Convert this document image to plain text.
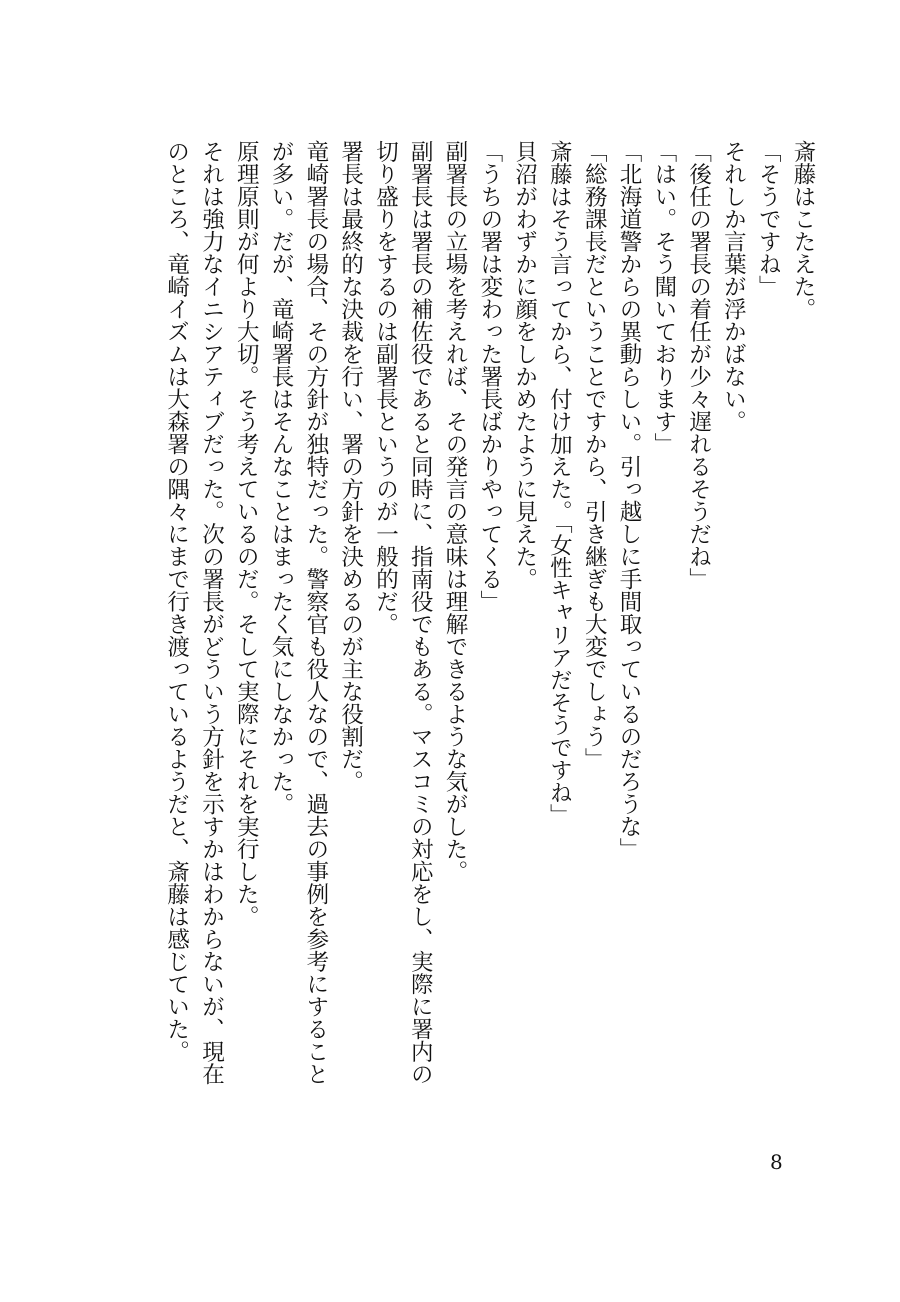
斎藤はこたえた。

「そうですね」

それしか言葉が浮かばない。

「後任の署長の着任が少々遅れるそうだね」

「はい。そう聞いております」

「北海道警からの異動らしい。引っ越しに手間取っているのだろうな」

「総務課長だということですから、引き継ぎも大変でしょう」

斎藤はそう言ってから、付け加えた。「女性キャリアだそうですね」

貝沼がわずかに顔をしかめたように見えた。

「うちの署は変わった署長ばかりやってくる」

副署長の立場を考えれば、その発言の意味は理解できるような気がした。

副署長は署長の補佐役であると同時に、指南役でもある。マスコミの対応をし、実際に署内の

切り盛りをするのは副署長というのが一般的だ。

署長は最終的な決裁を行い、署の方針を決めるのが主な役割だ。

竜崎署長の場合、その方針が独特だった。警察官も役人なので、過去の事例を参考にすること

が多い。だが、竜崎署長はそんなことはまったく気にしなかった。

原理原則が何より大切。そう考えているのだ。そして実際にそれを実行した。

それは強力なイニシアティブだった。次の署長がどういう方針を示すかはわからないが、現在

のところ、竜崎イズムは大森署の隅々にまで行き渡っているようだと、斎藤は感じていた。

8
